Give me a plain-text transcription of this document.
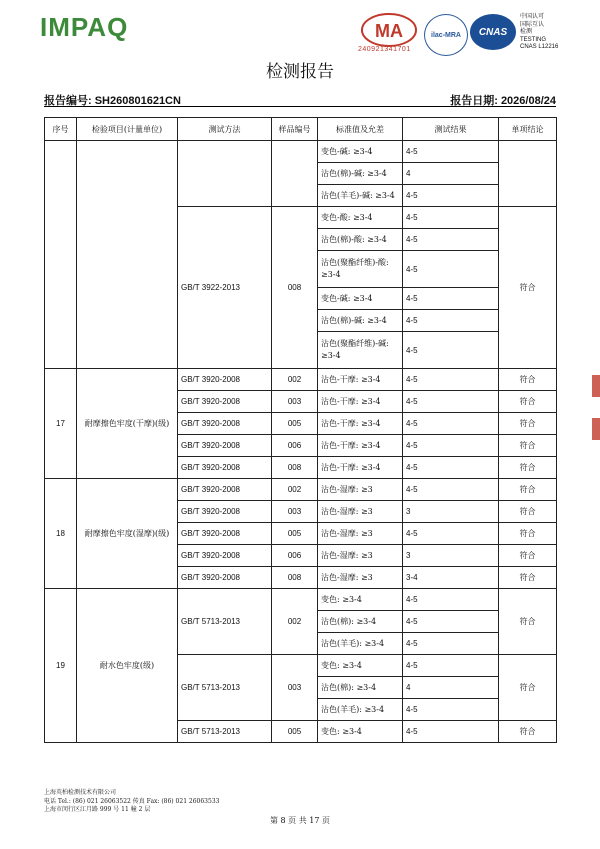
IMPAQ	MA
240921341701
ilac-MRA	CNAS
中国认可
国际互认
检测
TESTING
CNAS L12216
检测报告
报告编号: SH260801621CN	报告日期: 2026/08/24
序号	检验项目(计量单位)	测试方法	样品编号	标准值及允差	测试结果	单项结论
				变色-碱: ≥3-4	4-5	
				沾色(棉)-碱: ≥3-4	4	
				沾色(羊毛)-碱: ≥3-4	4-5	
		GB/T 3922-2013	008	变色-酸: ≥3-4	4-5	符合
				沾色(棉)-酸: ≥3-4	4-5	
				沾色(聚酯纤维)-酸: ≥3-4	4-5	
				变色-碱: ≥3-4	4-5	
				沾色(棉)-碱: ≥3-4	4-5	
				沾色(聚酯纤维)-碱: ≥3-4	4-5	
17	耐摩擦色牢度(干摩)(级)	GB/T 3920-2008	002	沾色-干摩: ≥3-4	4-5	符合
		GB/T 3920-2008	003	沾色-干摩: ≥3-4	4-5	符合
		GB/T 3920-2008	005	沾色-干摩: ≥3-4	4-5	符合
		GB/T 3920-2008	006	沾色-干摩: ≥3-4	4-5	符合
		GB/T 3920-2008	008	沾色-干摩: ≥3-4	4-5	符合
18	耐摩擦色牢度(湿摩)(级)	GB/T 3920-2008	002	沾色-湿摩: ≥3	4-5	符合
		GB/T 3920-2008	003	沾色-湿摩: ≥3	3	符合
		GB/T 3920-2008	005	沾色-湿摩: ≥3	4-5	符合
		GB/T 3920-2008	006	沾色-湿摩: ≥3	3	符合
		GB/T 3920-2008	008	沾色-湿摩: ≥3	3-4	符合
19	耐水色牢度(级)	GB/T 5713-2013	002	变色: ≥3-4	4-5	符合
				沾色(棉): ≥3-4	4-5	
				沾色(羊毛): ≥3-4	4-5	
		GB/T 5713-2013	003	变色: ≥3-4	4-5	符合
				沾色(棉): ≥3-4	4	
				沾色(羊毛): ≥3-4	4-5	
		GB/T 5713-2013	005	变色: ≥3-4	4-5	符合
上海英柏检测技术有限公司
电话 Tel.: (86) 021 26063522 传真 Fax: (86) 021 26063533
上海市闵行区江月路 999 号 11 幢 2 层
第 8 页 共 17 页
